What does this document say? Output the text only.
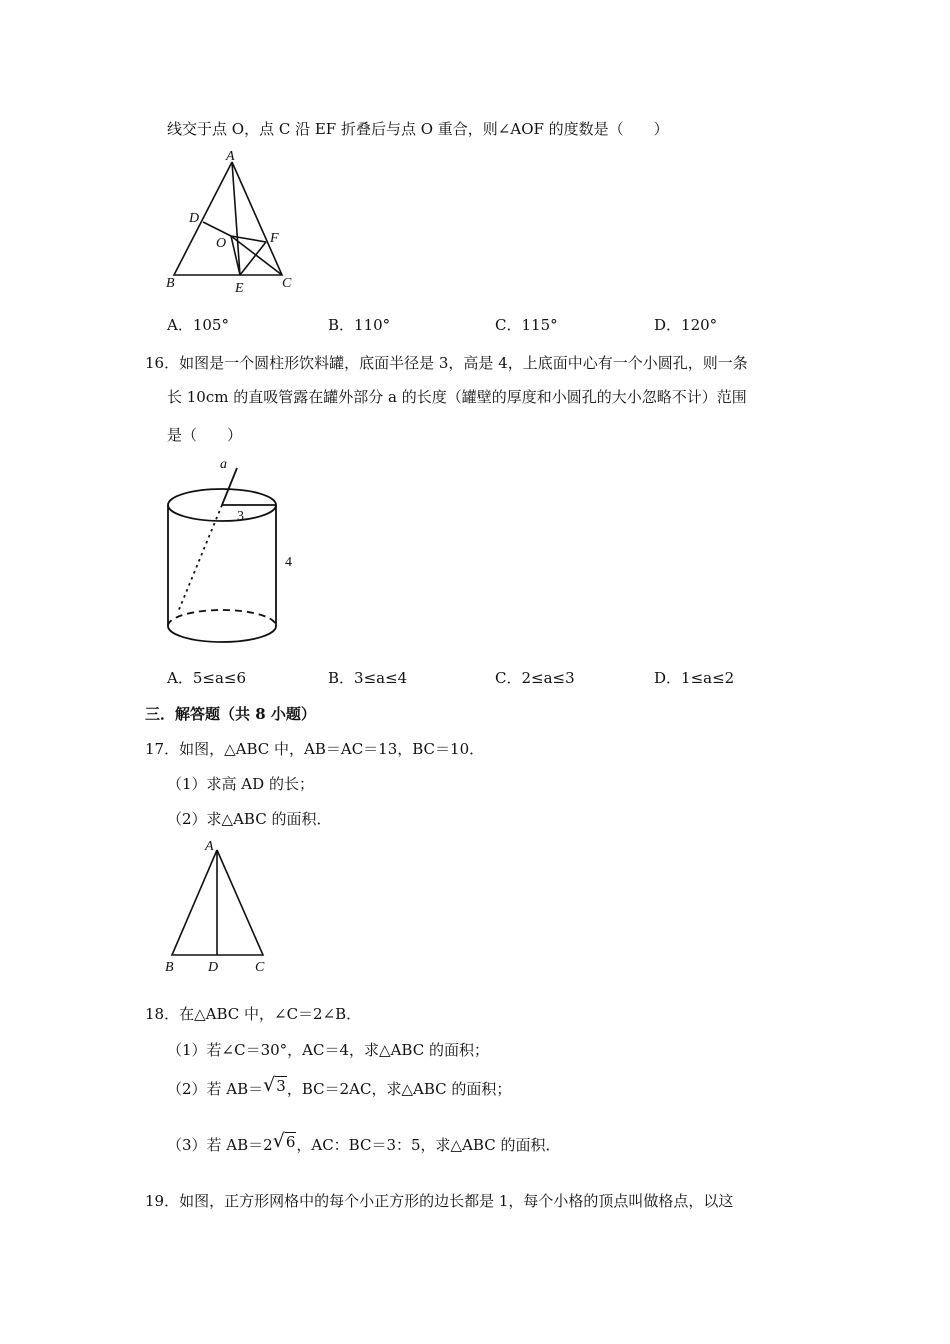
线交于点 O，点 C 沿 EF 折叠后与点 O 重合，则∠AOF 的度数是（　　）
A
D
O	F
B	E	C
A．105°	B．110°	C．115°	D．120°
16．如图是一个圆柱形饮料罐，底面半径是 3，高是 4，上底面中心有一个小圆孔，则一条
长 10cm 的直吸管露在罐外部分 a 的长度（罐壁的厚度和小圆孔的大小忽略不计）范围
是（　　）
a
3
4
A．5≤a≤6	B．3≤a≤4	C．2≤a≤3	D．1≤a≤2
三．解答题（共 8 小题）
17．如图，△ABC 中，AB＝AC＝13，BC＝10．
（1）求高 AD 的长；
（2）求△ABC 的面积．
A
B D	C
18．在△ABC 中，∠C＝2∠B．
（1）若∠C＝30°，AC＝4，求△ABC 的面积；
（2）若 AB＝√3，BC＝2AC，求△ABC 的面积；
（3）若 AB＝2√6，AC：BC＝3：5，求△ABC 的面积．
19．如图，正方形网格中的每个小正方形的边长都是 1，每个小格的顶点叫做格点，以这
